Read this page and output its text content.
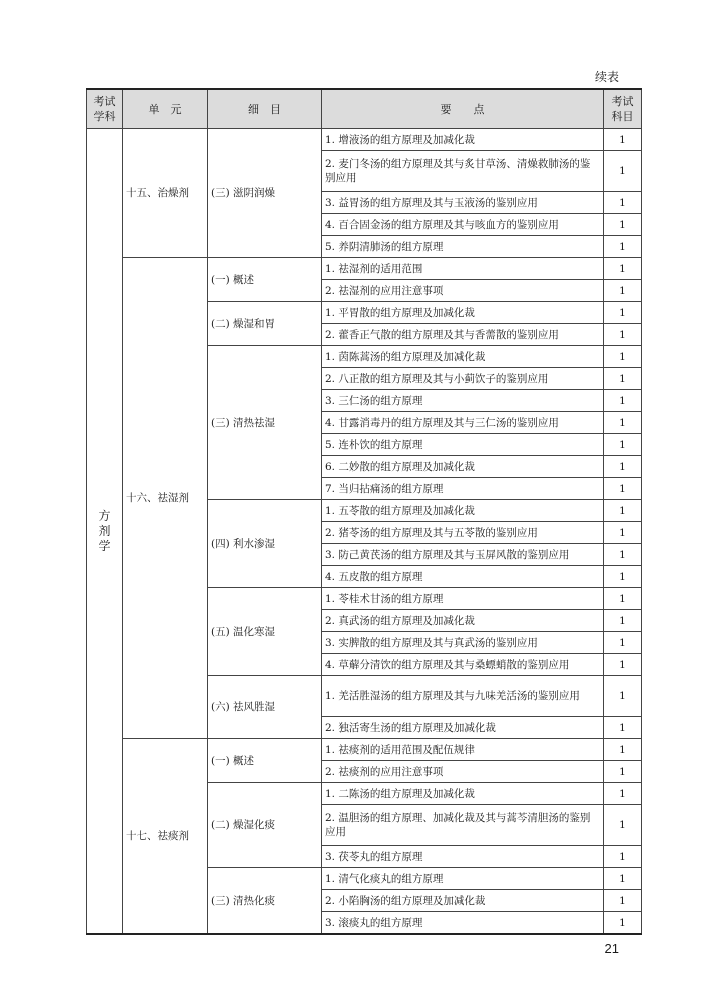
续表
考试学科	单　元	细　目	要　　点	考试科目
方剂学	十五、治燥剂	(三) 滋阴润燥	1. 增液汤的组方原理及加减化裁	1
			2. 麦门冬汤的组方原理及其与炙甘草汤、清燥救肺汤的鉴别应用	1
			3. 益胃汤的组方原理及其与玉液汤的鉴别应用	1
			4. 百合固金汤的组方原理及其与咳血方的鉴别应用	1
			5. 养阴清肺汤的组方原理	1
	十六、祛湿剂	(一) 概述	1. 祛湿剂的适用范围	1
			2. 祛湿剂的应用注意事项	1
		(二) 燥湿和胃	1. 平胃散的组方原理及加减化裁	1
			2. 藿香正气散的组方原理及其与香薷散的鉴别应用	1
		(三) 清热祛湿	1. 茵陈蒿汤的组方原理及加减化裁	1
			2. 八正散的组方原理及其与小蓟饮子的鉴别应用	1
			3. 三仁汤的组方原理	1
			4. 甘露消毒丹的组方原理及其与三仁汤的鉴别应用	1
			5. 连朴饮的组方原理	1
			6. 二妙散的组方原理及加减化裁	1
			7. 当归拈痛汤的组方原理	1
		(四) 利水渗湿	1. 五苓散的组方原理及加减化裁	1
			2. 猪苓汤的组方原理及其与五苓散的鉴别应用	1
			3. 防己黄芪汤的组方原理及其与玉屏风散的鉴别应用	1
			4. 五皮散的组方原理	1
		(五) 温化寒湿	1. 苓桂术甘汤的组方原理	1
			2. 真武汤的组方原理及加减化裁	1
			3. 实脾散的组方原理及其与真武汤的鉴别应用	1
			4. 草薢分清饮的组方原理及其与桑螵蛸散的鉴别应用	1
		(六) 祛风胜湿	1. 羌活胜湿汤的组方原理及其与九味羌活汤的鉴别应用	1
			2. 独活寄生汤的组方原理及加减化裁	1
	十七、祛痰剂	(一) 概述	1. 祛痰剂的适用范围及配伍规律	1
			2. 祛痰剂的应用注意事项	1
		(二) 燥湿化痰	1. 二陈汤的组方原理及加减化裁	1
			2. 温胆汤的组方原理、加减化裁及其与蒿芩清胆汤的鉴别应用	1
			3. 茯苓丸的组方原理	1
		(三) 清热化痰	1. 清气化痰丸的组方原理	1
			2. 小陷胸汤的组方原理及加减化裁	1
			3. 滚痰丸的组方原理	1
21
